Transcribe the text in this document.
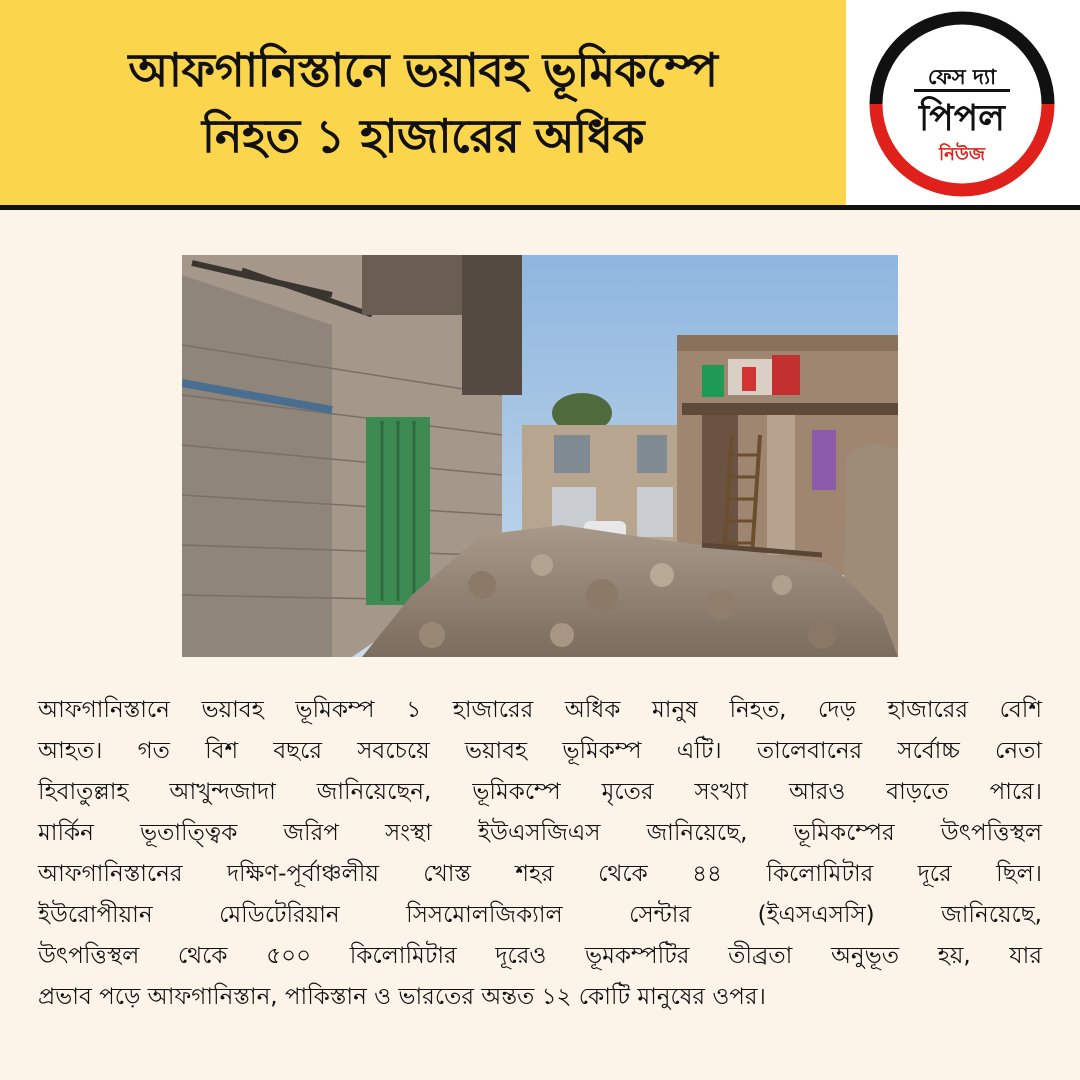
আফগানিস্তানে ভয়াবহ ভূমিকম্পে
নিহত ১ হাজারের অধিক
ফেস দ্যা
পিপল
নিউজ
আফগানিস্তানে ভয়াবহ ভূমিকম্প ১ হাজারের অধিক মানুষ নিহত, দেড় হাজারের বেশি
আহত। গত বিশ বছরে সবচেয়ে ভয়াবহ ভূমিকম্প এটি। তালেবানের সর্বোচ্চ নেতা
হিবাতুল্লাহ আখুন্দজাদা জানিয়েছেন, ভূমিকম্পে মৃতের সংখ্যা আরও বাড়তে পারে।
মার্কিন ভূতাত্ত্বিক জরিপ সংস্থা ইউএসজিএস জানিয়েছে, ভূমিকম্পের উৎপত্তিস্থল
আফগানিস্তানের দক্ষিণ-পূর্বাঞ্চলীয় খোস্ত শহর থেকে ৪৪ কিলোমিটার দূরে ছিল।
ইউরোপীয়ান মেডিটেরিয়ান সিসমোলজিক্যাল সেন্টার (ইএসএসসি) জানিয়েছে,
উৎপত্তিস্থল থেকে ৫০০ কিলোমিটার দূরেও ভূমকম্পটির তীব্রতা অনুভূত হয়, যার
প্রভাব পড়ে আফগানিস্তান, পাকিস্তান ও ভারতের অন্তত ১২ কোটি মানুষের ওপর।
